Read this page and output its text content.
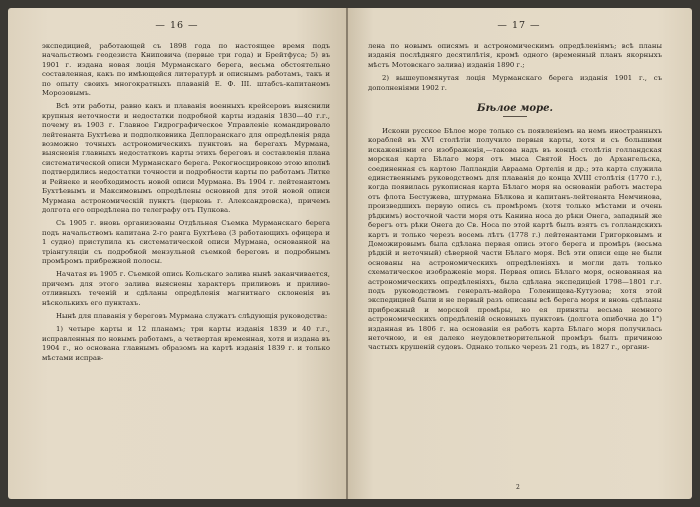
— 16 —

экспедицией, работающей съ 1898 года по настоящее время подъ начальствомъ геодезиста Книповича (первые три года) и Брейтфуса; 5) въ 1901 г. издана новая лоція Мурманскаго берега, весьма обстоятельно составленная, какъ по имѣющейся литературѣ и описнымъ работамъ, такъ и по опыту своихъ многократныхъ плаваній Е. Ф. III. штабсъ-капитаномъ Морозовымъ.

Всѣ эти работы, равно какъ и плаванія военныхъ крейсеровъ выяснили крупныя неточности и недостатки подробной карты изданія 1830—40 г.г., почему въ 1903 г. Главное Гидрографическое Управленіе командировало лейтенанта Бухтѣева и подполковника Деплоранскаго для опредѣленія ряда возможно точныхъ астрономическихъ пунктовъ на берегахъ Мурмана, выясненія главныхъ недостатковъ карты этихъ береговъ и составленія плана систематической описи Мурманскаго берега. Рекогносцировкою этою вполнѣ подтвердились недостатки точности и подробности карты по работамъ Литке и Рейнеке и необходимость новой описи Мурмана. Въ 1904 г. лейтенантомъ Бухтѣевымъ и Максимовымъ опредѣлены основной для этой новой описи Мурмана астрономическій пунктъ (церковь г. Александровска), причемъ долгота его опредѣлена по телеграфу отъ Пулкова.

Съ 1905 г. вновь организованы Отдѣльная Съемка Мурманскаго берега подъ начальствомъ капитана 2-го ранга Бухтѣева (3 работающихъ офицера и 1 судно) приступила къ систематической описи Мурмана, основанной на тріангуляціи съ подробной мензульной съемкой береговъ и подробнымъ промѣромъ прибрежной полосы.

Начатая въ 1905 г. Съемкой опись Кольскаго залива нынѣ заканчивается, причемъ для этого залива выяснены характеръ приливовъ и приливо-отливныхъ теченій и сдѣланы опредѣленія магнитнаго склоненія въ нѣсколькихъ его пунктахъ.

Нынѣ для плаванія у береговъ Мурмана служатъ слѣдующія руководства:

1) четыре карты и 12 планамъ; три карты изданія 1839 и 40 г.г., исправленныя по новымъ работамъ, а четвертая временная, хотя и издана въ 1904 г., но основана главнымъ образомъ на картѣ изданія 1839 г. и только мѣстами исправ-

— 17 —

лена по новымъ описямъ и астрономическимъ опредѣленіямъ; всѣ планы изданія послѣдняго десятилѣтія, кромѣ одного (временный планъ якорныхъ мѣстъ Мотовскаго залива) изданія 1890 г.;

2) вышеупомянутая лоція Мурманскаго берега изданія 1901 г., съ дополненіями 1902 г.

Бѣлое море.

Искони русское Бѣлое море только съ появленіемъ на немъ иностранныхъ кораблей въ XVI столѣтіи получило первыя карты, хотя и съ большими искаженіями его изображенія,—такова надъ въ концѣ столѣтія голландская морская карта Бѣлаго моря отъ мыса Святой Носъ до Архангельска, соединенная съ картою Лапландіи Авраама Ортелія и др.; эта карта служила единственнымъ руководствомъ для плаванія до конца XVIII столѣтія (1770 г.), когда появилась рукописная карта Бѣлаго моря на основаніи работъ мастера отъ флота Бестужева, штурмана Бѣлкова и капитанъ-лейтенанта Немчинова, произведшихъ первую опись съ промѣромъ (хотя только мѣстами и очень рѣдкимъ) восточной части моря отъ Канина носа до рѣки Онега, западный же берегъ отъ рѣки Онега до Св. Носа по этой картѣ былъ взятъ съ голландскихъ картъ и только черезъ восемь лѣтъ (1778 г.) лейтенантами Григорковымъ и Доможировымъ была сдѣлана первая опись этого берега и промѣръ (весьма рѣдкій и неточный) сѣверной части Бѣлаго моря. Всѣ эти описи еще не были основаны на астрономическихъ опредѣленіяхъ и могли дать только схематическое изображеніе моря. Первая опись Бѣлаго моря, основанная на астрономическихъ опредѣленіяхъ, была сдѣлана экспедиціей 1798—1801 г.г. подъ руководствомъ генералъ-майора Голенищева-Кутузова; хотя этой экспедицией были и не первый разъ описаны всѣ берега моря и вновь сдѣланы прибрежный и морской промѣры, но ея приняты весьма немного астрономическихъ опредѣленій основныхъ пунктовъ (долгота опибочна до 1°) изданная въ 1806 г. на основаніи ея работъ карта Бѣлаго моря получилась неточною, и ея далеко неудовлетворительной промѣръ былъ причиною частыхъ крушеній судовъ. Однако только черезъ 21 годъ, въ 1827 г., органи-

2
